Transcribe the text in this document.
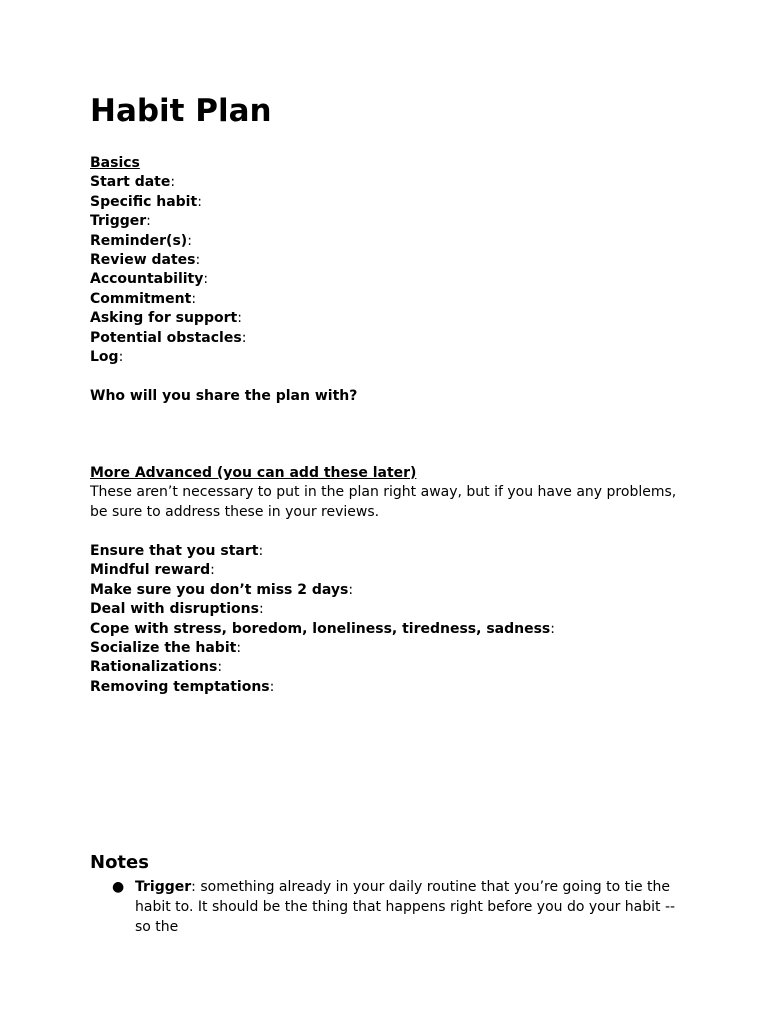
Habit Plan
Basics
Start date:
Specific habit:
Trigger:
Reminder(s):
Review dates:
Accountability:
Commitment:
Asking for support:
Potential obstacles:
Log:
Who will you share the plan with?
More Advanced (you can add these later)

These aren’t necessary to put in the plan right away, but if you have any problems, be sure to address these in your reviews.

Ensure that you start:
Mindful reward:
Make sure you don’t miss 2 days:
Deal with disruptions:
Cope with stress, boredom, loneliness, tiredness, sadness:
Socialize the habit:
Rationalizations:
Removing temptations:
Notes
● Trigger: something already in your daily routine that you’re going to tie the habit to. It should be the thing that happens right before you do your habit -- so the
